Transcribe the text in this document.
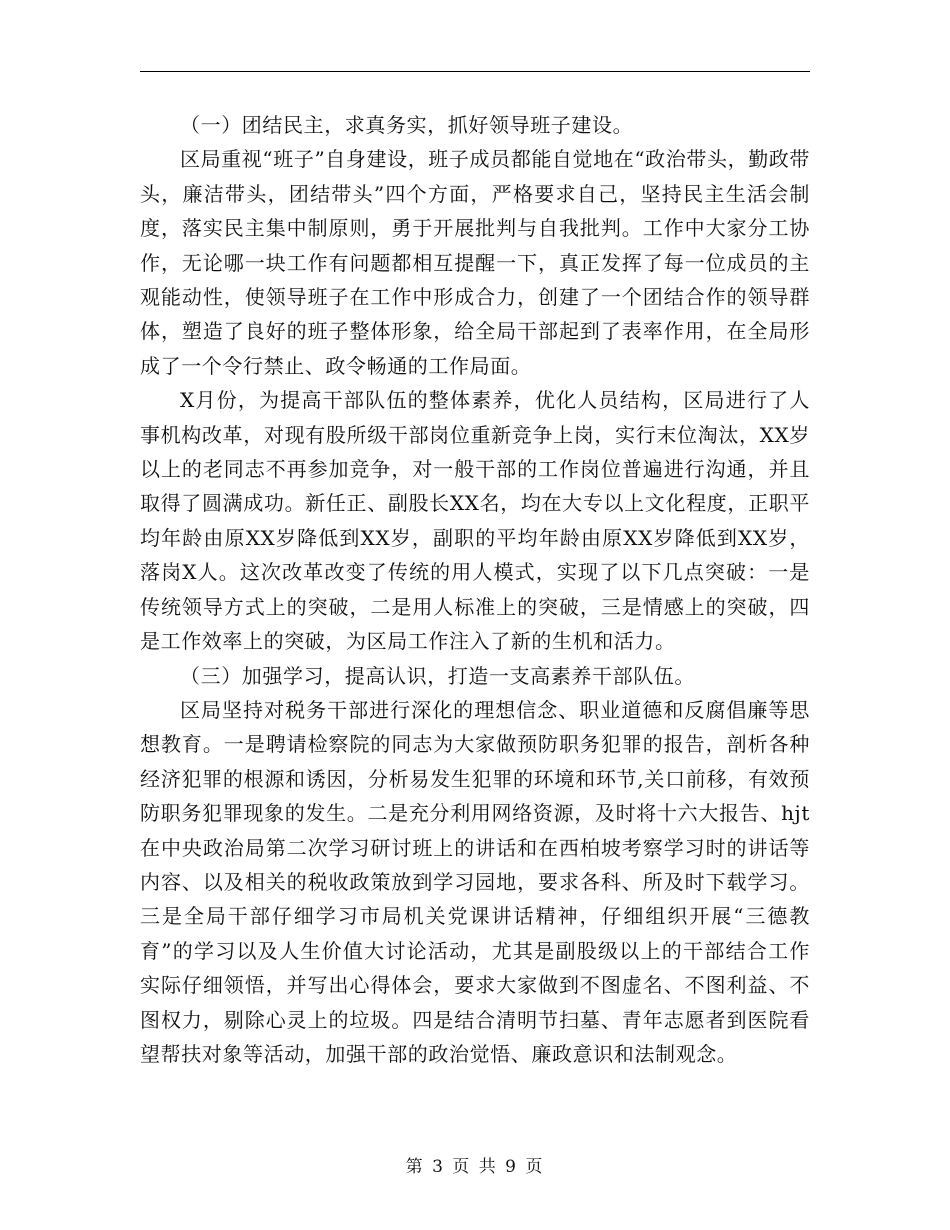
（一）团结民主，求真务实，抓好领导班子建设。

区局重视“班子”自身建设，班子成员都能自觉地在“政治带头，勤政带头，廉洁带头，团结带头”四个方面，严格要求自己，坚持民主生活会制度，落实民主集中制原则，勇于开展批判与自我批判。工作中大家分工协作，无论哪一块工作有问题都相互提醒一下，真正发挥了每一位成员的主观能动性，使领导班子在工作中形成合力，创建了一个团结合作的领导群体，塑造了良好的班子整体形象，给全局干部起到了表率作用，在全局形成了一个令行禁止、政令畅通的工作局面。

X月份，为提高干部队伍的整体素养，优化人员结构，区局进行了人事机构改革，对现有股所级干部岗位重新竞争上岗，实行末位淘汰，XX岁以上的老同志不再参加竞争，对一般干部的工作岗位普遍进行沟通，并且取得了圆满成功。新任正、副股长XX名，均在大专以上文化程度，正职平均年龄由原XX岁降低到XX岁，副职的平均年龄由原XX岁降低到XX岁，落岗X人。这次改革改变了传统的用人模式，实现了以下几点突破：一是传统领导方式上的突破，二是用人标准上的突破，三是情感上的突破，四是工作效率上的突破，为区局工作注入了新的生机和活力。

（三）加强学习，提高认识，打造一支高素养干部队伍。

区局坚持对税务干部进行深化的理想信念、职业道德和反腐倡廉等思想教育。一是聘请检察院的同志为大家做预防职务犯罪的报告，剖析各种经济犯罪的根源和诱因，分析易发生犯罪的环境和环节,关口前移，有效预防职务犯罪现象的发生。二是充分利用网络资源，及时将十六大报告、hjt在中央政治局第二次学习研讨班上的讲话和在西柏坡考察学习时的讲话等内容、以及相关的税收政策放到学习园地，要求各科、所及时下载学习。三是全局干部仔细学习市局机关党课讲话精神，仔细组织开展“三德教育”的学习以及人生价值大讨论活动，尤其是副股级以上的干部结合工作实际仔细领悟，并写出心得体会，要求大家做到不图虚名、不图利益、不图权力，剔除心灵上的垃圾。四是结合清明节扫墓、青年志愿者到医院看望帮扶对象等活动，加强干部的政治觉悟、廉政意识和法制观念。

第 3 页 共 9 页
